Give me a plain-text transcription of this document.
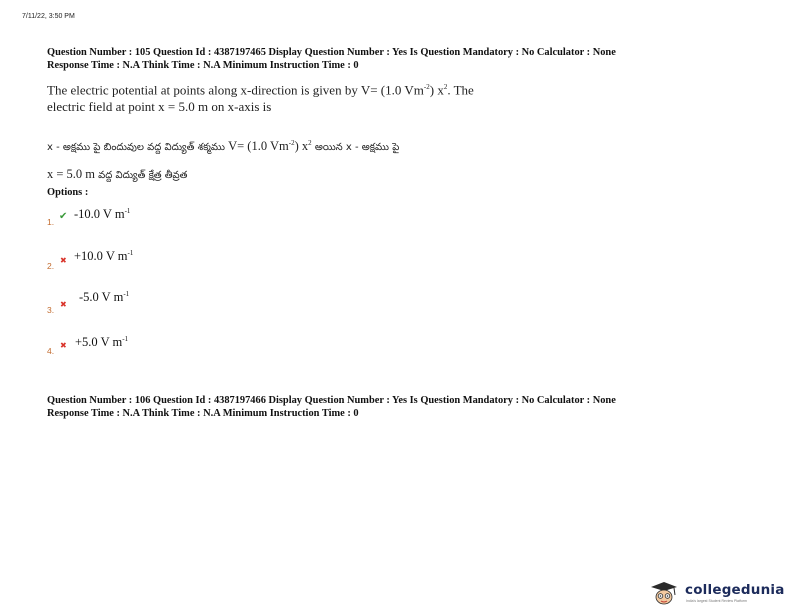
7/11/22, 3:50 PM
Question Number : 105 Question Id : 4387197465 Display Question Number : Yes Is Question Mandatory : No Calculator : None
Response Time : N.A Think Time : N.A Minimum Instruction Time : 0
The electric potential at points along x-direction is given by V= (1.0 $Vm^{-2}$) $x^2$. The
electric field at point x = 5.0 m on x-axis is
x - అక్షము పై బిందువుల వద్ద విద్యుత్ శక్మము V= (1.0 $Vm^{-2}$) $x^2$ అయిన x - అక్షము పై
x = 5.0 m వద్ద విద్యుత్ క్షేత్ర తీవ్రత
Options :
1. ✔ -10.0 V $m^{-1}$
2.
✖ +10.0 V $m^{-1}$
3.
✖
-5.0 V $m^{-1}$
4.
✖ +5.0 V $m^{-1}$
Question Number : 106 Question Id : 4387197466 Display Question Number : Yes Is Question Mandatory : No Calculator : None
Response Time : N.A Think Time : N.A Minimum Instruction Time : 0
collegedunia
India's largest Student Review Platform
